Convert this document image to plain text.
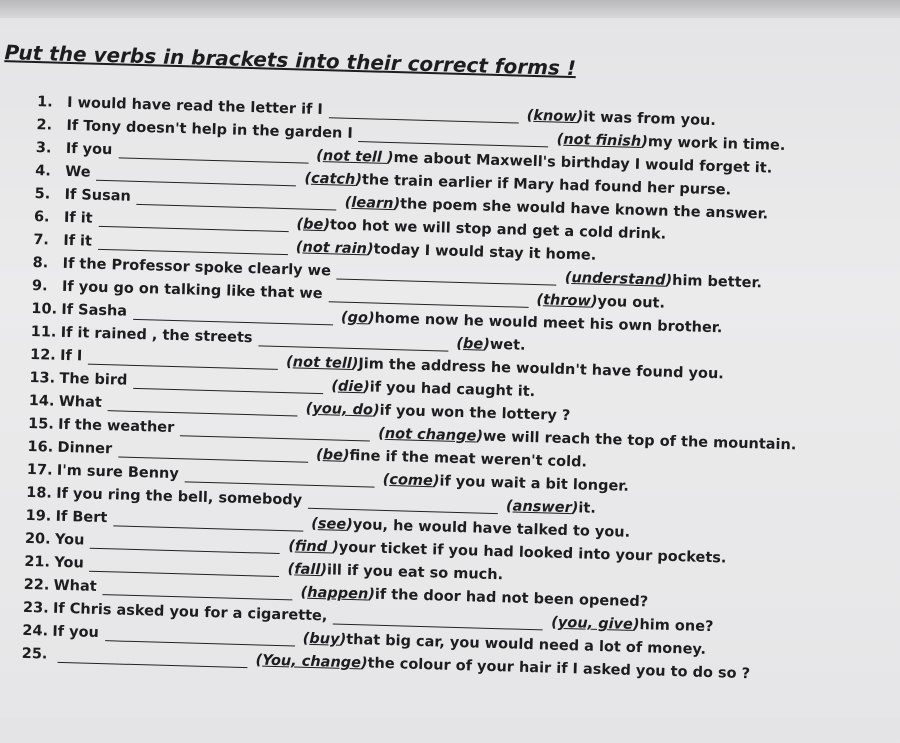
Put the verbs in brackets into their correct forms !
1. I would have read the letter if I	(know) it was from you.
2. If Tony doesn't help in the garden I	(not finish) my work in time.
3. If you	(not tell ) me about Maxwell's birthday I would forget it.
4. We	(catch) the train earlier if Mary had found her purse.
5. If Susan	(learn) the poem she would have known the answer.
6. If it	(be) too hot we will stop and get a cold drink.
7. If it	(not rain) today I would stay it home.
8. If the Professor spoke clearly we	(understand) him better.
9. If you go on talking like that we	(throw) you out.
10. If Sasha	(go) home now he would meet his own brother.
11. If it rained , the streets	(be) wet.
12. If I	(not tell) Jim the address he wouldn't have found you.
13. The bird	(die) if you had caught it.
14. What	(you, do) if you won the lottery ?
15. If the weather	(not change) we will reach the top of the mountain.
16. Dinner	(be) fine if the meat weren't cold.
17. I'm sure Benny	(come) if you wait a bit longer.
18. If you ring the bell, somebody	(answer) it.
19. If Bert	(see) you, he would have talked to you.
20. You	(find ) your ticket if you had looked into your pockets.
21. You	(fall) ill if you eat so much.
22. What	(happen) if the door had not been opened?
23. If Chris asked you for a cigarette,	(you, give) him one?
24. If you	(buy) that big car, you would need a lot of money.
25.	(You, change) the colour of your hair if I asked you to do so ?
